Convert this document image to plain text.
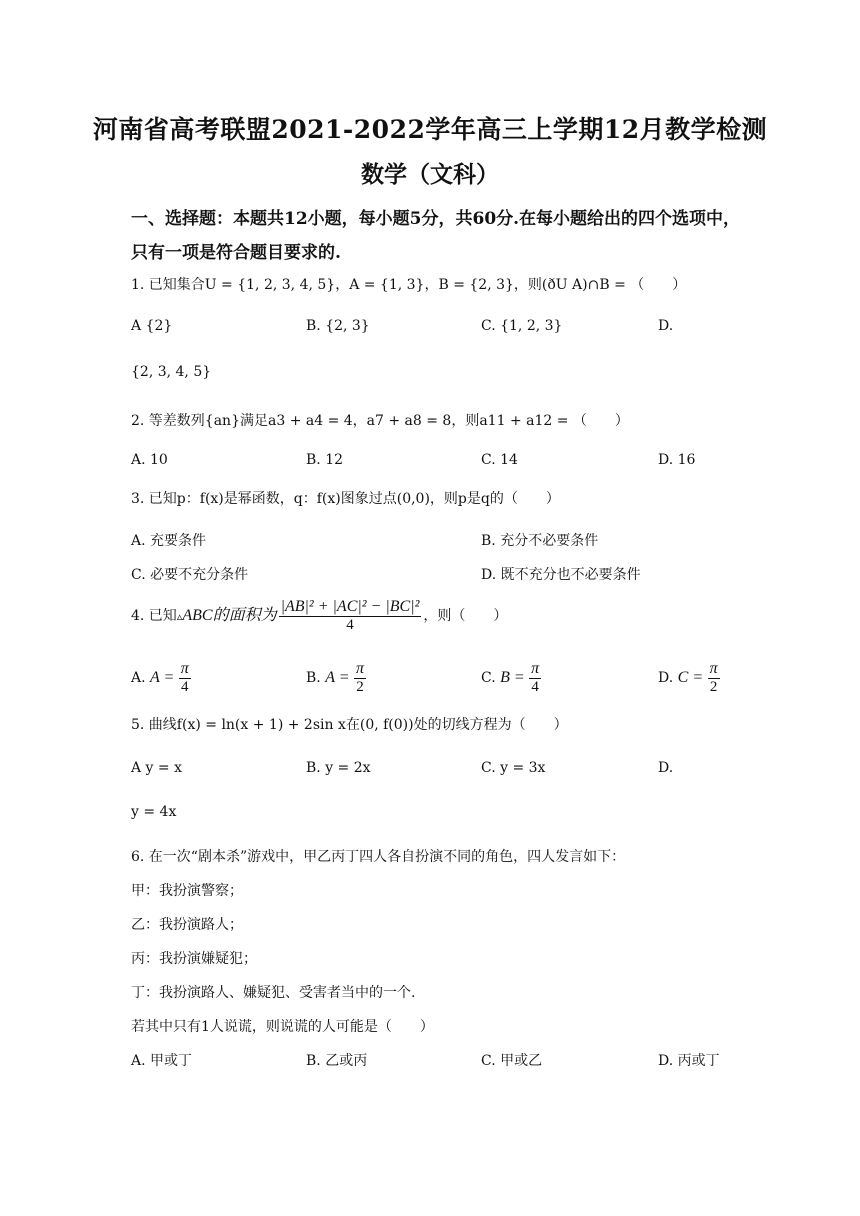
河南省高考联盟2021-2022学年高三上学期12月教学检测
数学（文科）
一、选择题：本题共12小题，每小题5分，共60分.在每小题给出的四个选项中，只有一项是符合题目要求的.
1. 已知集合U = {1, 2, 3, 4, 5}，A = {1, 3}，B = {2, 3}，则(ðU A)∩B = （　　）
A {2}	B. {2, 3}	C. {1, 2, 3}	D.
{2, 3, 4, 5}
2. 等差数列{an}满足a3 + a4 = 4，a7 + a8 = 8，则a11 + a12 = （　　）
A. 10	B. 12	C. 14	D. 16
3. 已知p：f(x)是幂函数，q：f(x)图象过点(0,0)，则p是q的（　　）
A. 充要条件	B. 充分不必要条件
C. 必要不充分条件	D. 既不充分也不必要条件
4. 已知▵ABC的面积为 $\frac{\text{|AB|² + |AC|² − |BC|²}}{4}$ ，则（　　）
A. $A = \frac{\pi}{4}$	B. $A = \frac{\pi}{2}$	C. $B = \frac{\pi}{4}$	D. $C = \frac{\pi}{2}$
5. 曲线f(x) = ln(x + 1) + 2sin x在(0, f(0))处的切线方程为（　　）
A y = x	B. y = 2x	C. y = 3x	D.
y = 4x
6. 在一次“剧本杀”游戏中，甲乙丙丁四人各自扮演不同的角色，四人发言如下：
甲：我扮演警察；
乙：我扮演路人；
丙：我扮演嫌疑犯；
丁：我扮演路人、嫌疑犯、受害者当中的一个.
若其中只有1人说谎，则说谎的人可能是（　　）
A. 甲或丁	B. 乙或丙	C. 甲或乙	D. 丙或丁
